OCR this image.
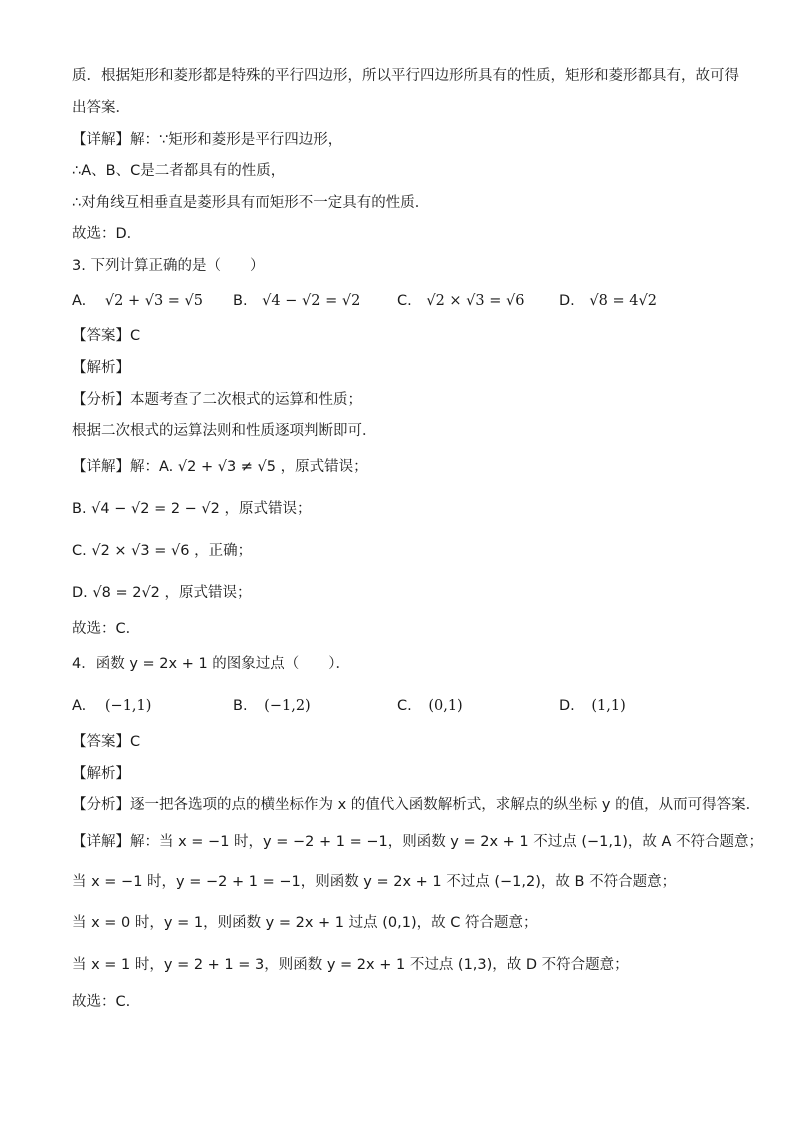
质．根据矩形和菱形都是特殊的平行四边形，所以平行四边形所具有的性质，矩形和菱形都具有，故可得
出答案．
【详解】解：∵矩形和菱形是平行四边形，
∴A、B、C是二者都具有的性质，
∴对角线互相垂直是菱形具有而矩形不一定具有的性质．
故选：D．
3. 下列计算正确的是（　　）
A. √2 + √3 = √5 B. √4 − √2 = √2	C. √2 × √3 = √6 D. √8 = 4√2
【答案】C
【解析】
【分析】本题考查了二次根式的运算和性质；
根据二次根式的运算法则和性质逐项判断即可．
【详解】解：A. √2 + √3 ≠ √5 ，原式错误；
B. √4 − √2 = 2 − √2 ，原式错误；
C. √2 × √3 = √6 ，正确；
D. √8 = 2√2 ，原式错误；
故选：C．
4．函数 y = 2x + 1 的图象过点（　　）．
A. (−1,1)	B. (−1,2)	C. (0,1)	D. (1,1)
【答案】C
【解析】
【分析】逐一把各选项的点的横坐标作为 x 的值代入函数解析式，求解点的纵坐标 y 的值，从而可得答案．
【详解】解：当 x = −1 时，y = −2 + 1 = −1，则函数 y = 2x + 1 不过点 (−1,1)，故 A 不符合题意；
当 x = −1 时，y = −2 + 1 = −1，则函数 y = 2x + 1 不过点 (−1,2)，故 B 不符合题意；
当 x = 0 时，y = 1，则函数 y = 2x + 1 过点 (0,1)，故 C 符合题意；
当 x = 1 时，y = 2 + 1 = 3，则函数 y = 2x + 1 不过点 (1,3)，故 D 不符合题意；
故选：C.
